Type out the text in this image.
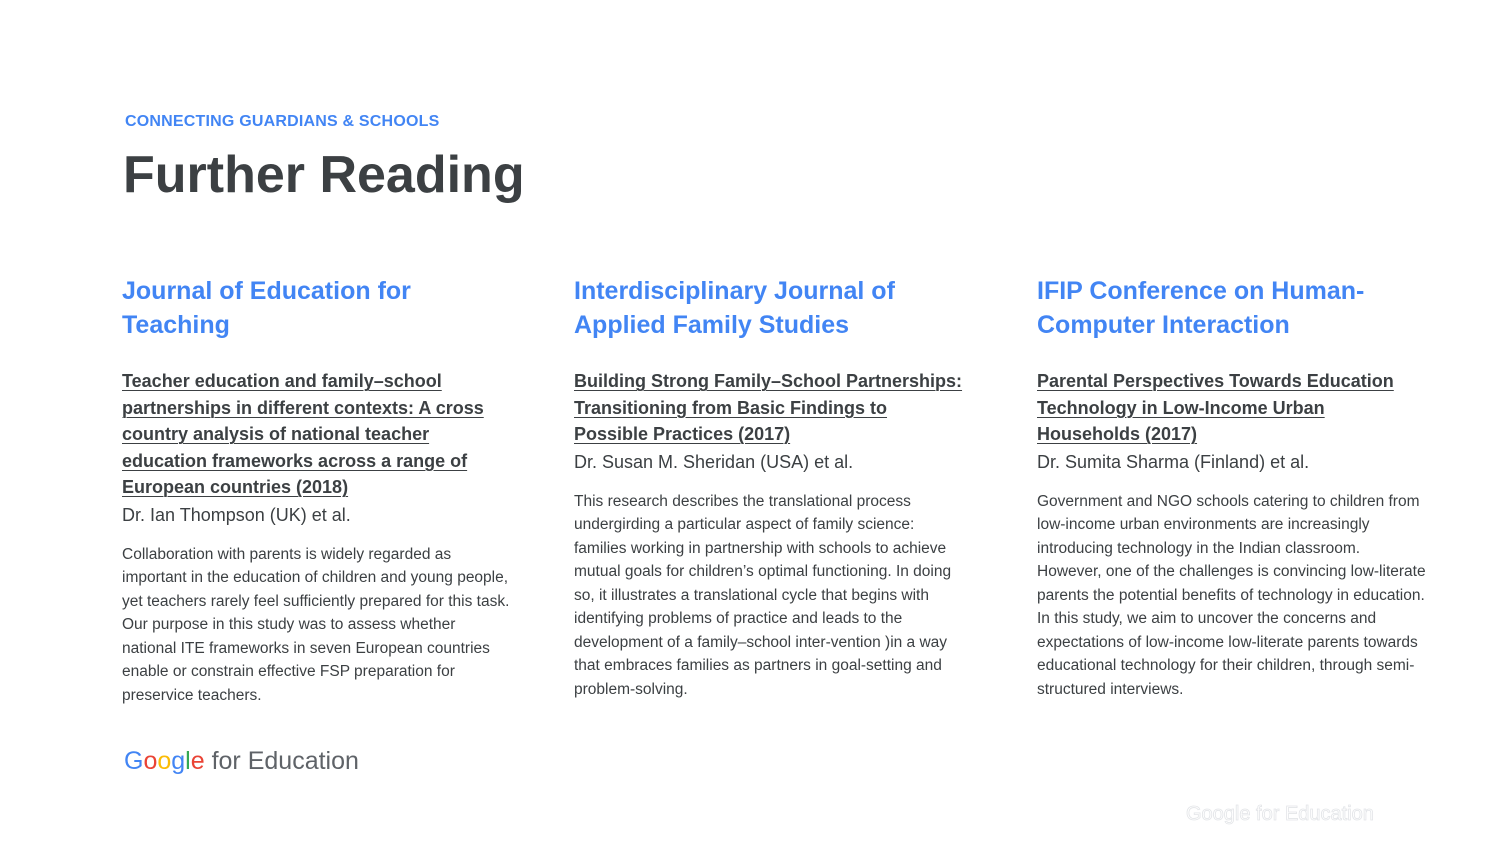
CONNECTING GUARDIANS & SCHOOLS

Further Reading
Journal of Education for Teaching
Teacher education and family–school partnerships in different contexts: A cross country analysis of national teacher education frameworks across a range of European countries (2018)

Dr. Ian Thompson (UK) et al.

Collaboration with parents is widely regarded as important in the education of children and young people, yet teachers rarely feel sufficiently prepared for this task. Our purpose in this study was to assess whether national ITE frameworks in seven European countries enable or constrain effective FSP preparation for preservice teachers.

Interdisciplinary Journal of Applied Family Studies
Building Strong Family–School Partnerships: Transitioning from Basic Findings to Possible Practices (2017)

Dr. Susan M. Sheridan (USA) et al.

This research describes the translational process undergirding a particular aspect of family science: families working in partnership with schools to achieve mutual goals for children’s optimal functioning. In doing so, it illustrates a translational cycle that begins with identifying problems of practice and leads to the development of a family–school inter-vention )in a way that embraces families as partners in goal-setting and problem-solving.

IFIP Conference on Human-Computer Interaction
Parental Perspectives Towards Education Technology in Low-Income Urban Households (2017)

Dr. Sumita Sharma (Finland) et al.

Government and NGO schools catering to children from low-income urban environments are increasingly introducing technology in the Indian classroom. However, one of the challenges is convincing low-literate parents the potential benefits of technology in education. In this study, we aim to uncover the concerns and expectations of low-income low-literate parents towards educational technology for their children, through semi-structured interviews.

Google for Education
Google for Education
